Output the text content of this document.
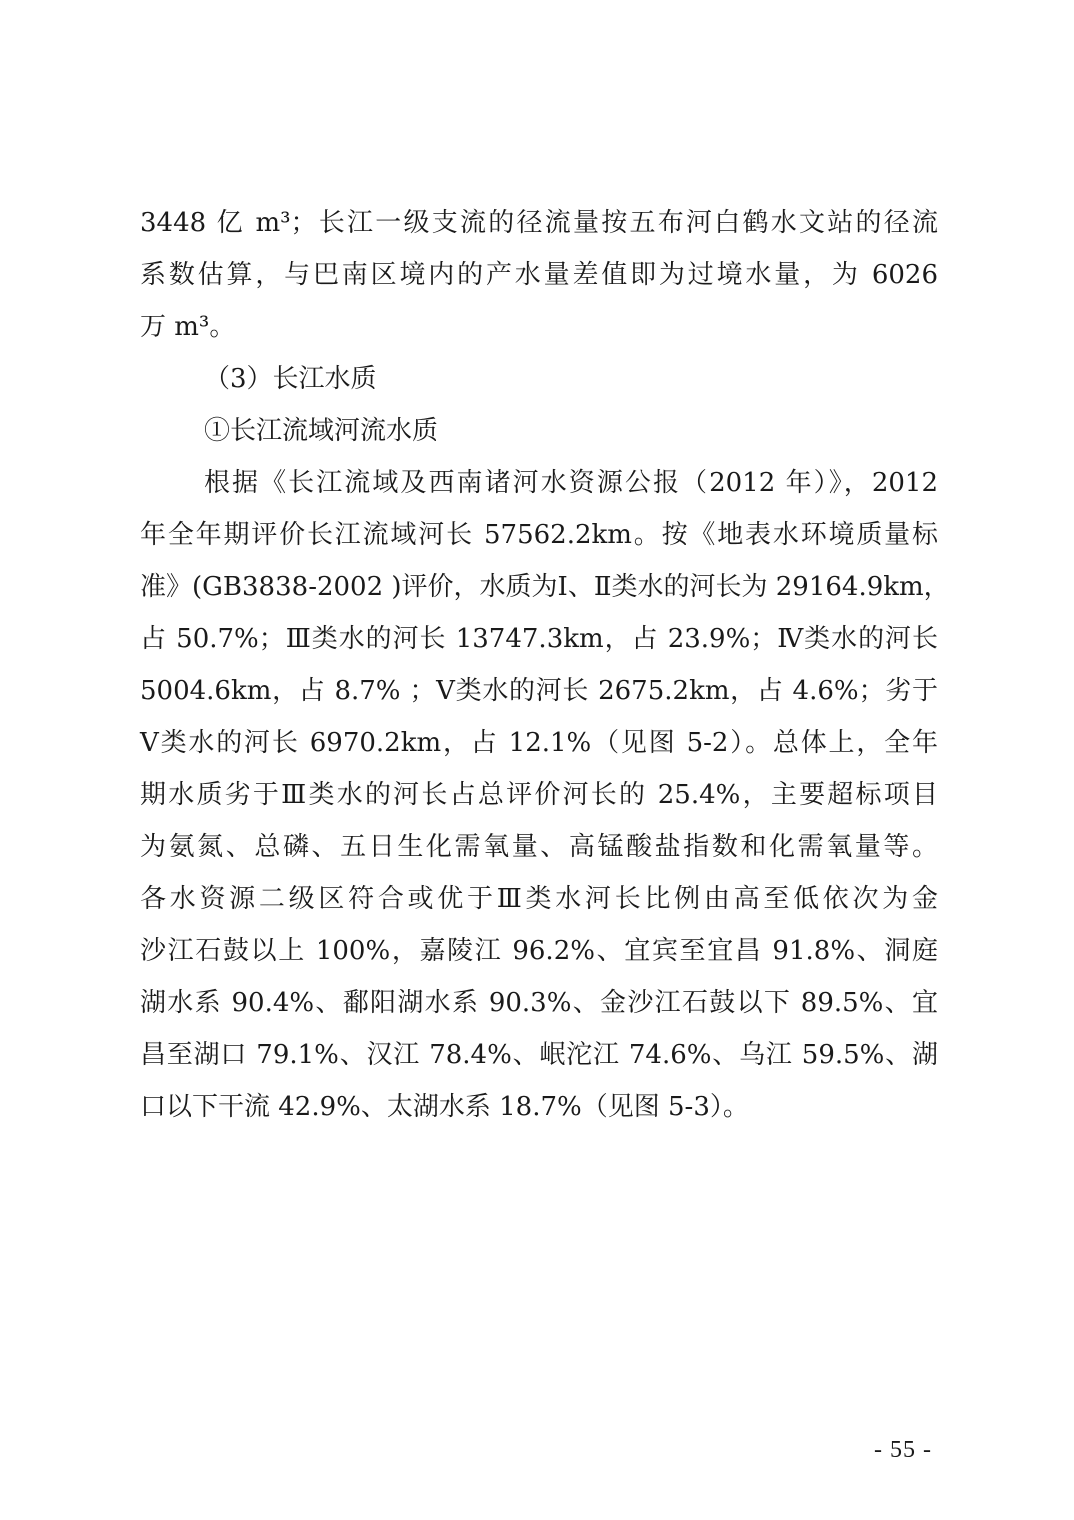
3448 亿 m³；长江一级支流的径流量按五布河白鹤水文站的径流
系数估算，与巴南区境内的产水量差值即为过境水量，为 6026
万 m³。
（3）长江水质
①长江流域河流水质
根据《长江流域及西南诸河水资源公报（2012 年）》，2012
年全年期评价长江流域河长 57562.2km。按《地表水环境质量标
准》(GB3838-2002 )评价，水质为Ⅰ、Ⅱ类水的河长为 29164.9km，
占 50.7%；Ⅲ类水的河长 13747.3km，占 23.9%；Ⅳ类水的河长
5004.6km，占 8.7% ；Ⅴ类水的河长 2675.2km，占 4.6%；劣于
Ⅴ类水的河长 6970.2km，占 12.1%（见图 5-2）。总体上，全年
期水质劣于Ⅲ类水的河长占总评价河长的 25.4%，主要超标项目
为氨氮、总磷、五日生化需氧量、高锰酸盐指数和化需氧量等。
各水资源二级区符合或优于Ⅲ类水河长比例由高至低依次为金
沙江石鼓以上 100%，嘉陵江 96.2%、宜宾至宜昌 91.8%、洞庭
湖水系 90.4%、鄱阳湖水系 90.3%、金沙江石鼓以下 89.5%、宜
昌至湖口 79.1%、汉江 78.4%、岷沱江 74.6%、乌江 59.5%、湖
口以下干流 42.9%、太湖水系 18.7%（见图 5-3）。
- 55 -
